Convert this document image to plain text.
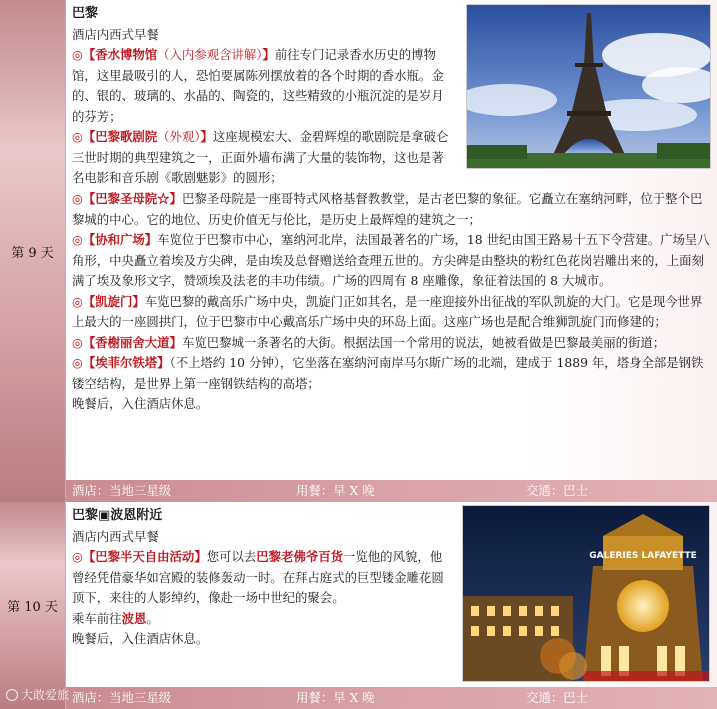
第 9 天
巴黎
酒店内西式早餐
◎【香水博物馆（入内参观含讲解）】前往专门记录香水历史的博物馆，这里最吸引的人，恐怕要属陈列摆放着的各个时期的香水瓶。金的、银的、玻璃的、水晶的、陶瓷的，这些精致的小瓶沉淀的是岁月的芬芳；
◎【巴黎歌剧院（外观）】这座规模宏大、金碧辉煌的歌剧院是拿破仑三世时期的典型建筑之一，正面外墙布满了大量的装饰物，这也是著名电影和音乐剧《歌剧魅影》的圆形；
◎【巴黎圣母院☆】巴黎圣母院是一座哥特式风格基督教教堂，是古老巴黎的象征。它矗立在塞纳河畔，位于整个巴黎城的中心。它的地位、历史价值无与伦比，是历史上最辉煌的建筑之一；
◎【协和广场】车览位于巴黎市中心，塞纳河北岸，法国最著名的广场，18 世纪由国王路易十五下令营建。广场呈八角形，中央矗立着埃及方尖碑，是由埃及总督赠送给查理五世的。方尖碑是由整块的粉红色花岗岩雕出来的，上面刻满了埃及象形文字，赞颂埃及法老的丰功伟绩。广场的四周有 8 座雕像，象征着法国的 8 大城市。
◎【凯旋门】车览巴黎的戴高乐广场中央，凯旋门正如其名，是一座迎接外出征战的军队凯旋的大门。它是现今世界上最大的一座圆拱门，位于巴黎市中心戴高乐广场中央的环岛上面。这座广场也是配合维狮凯旋门而修建的；
◎【香榭丽舍大道】车览巴黎城一条著名的大街。根据法国一个常用的说法，她被看做是巴黎最美丽的街道；
◎【埃菲尔铁塔】（不上塔约 10 分钟），它坐落在塞纳河南岸马尔斯广场的北端，建成于 1889 年，塔身全部是钢铁镂空结构，是世界上第一座钢铁结构的高塔；
晚餐后，入住酒店休息。
酒店：当地三星级	用餐：早 X 晚	交通：巴士
第 10 天
巴黎▣波恩附近
酒店内西式早餐
◎【巴黎半天自由活动】您可以去巴黎老佛爷百货一览他的风貌，他曾经凭借豪华如宫殿的装修轰动一时。在拜占庭式的巨型镂金雕花圆顶下，来往的人影绰约，像赴一场中世纪的聚会。
乘车前往波恩。
晚餐后，入住酒店休息。
GALERIES LAFAYETTE
酒店：当地三星级	用餐：早 X 晚	交通：巴士
大敢爱旅
